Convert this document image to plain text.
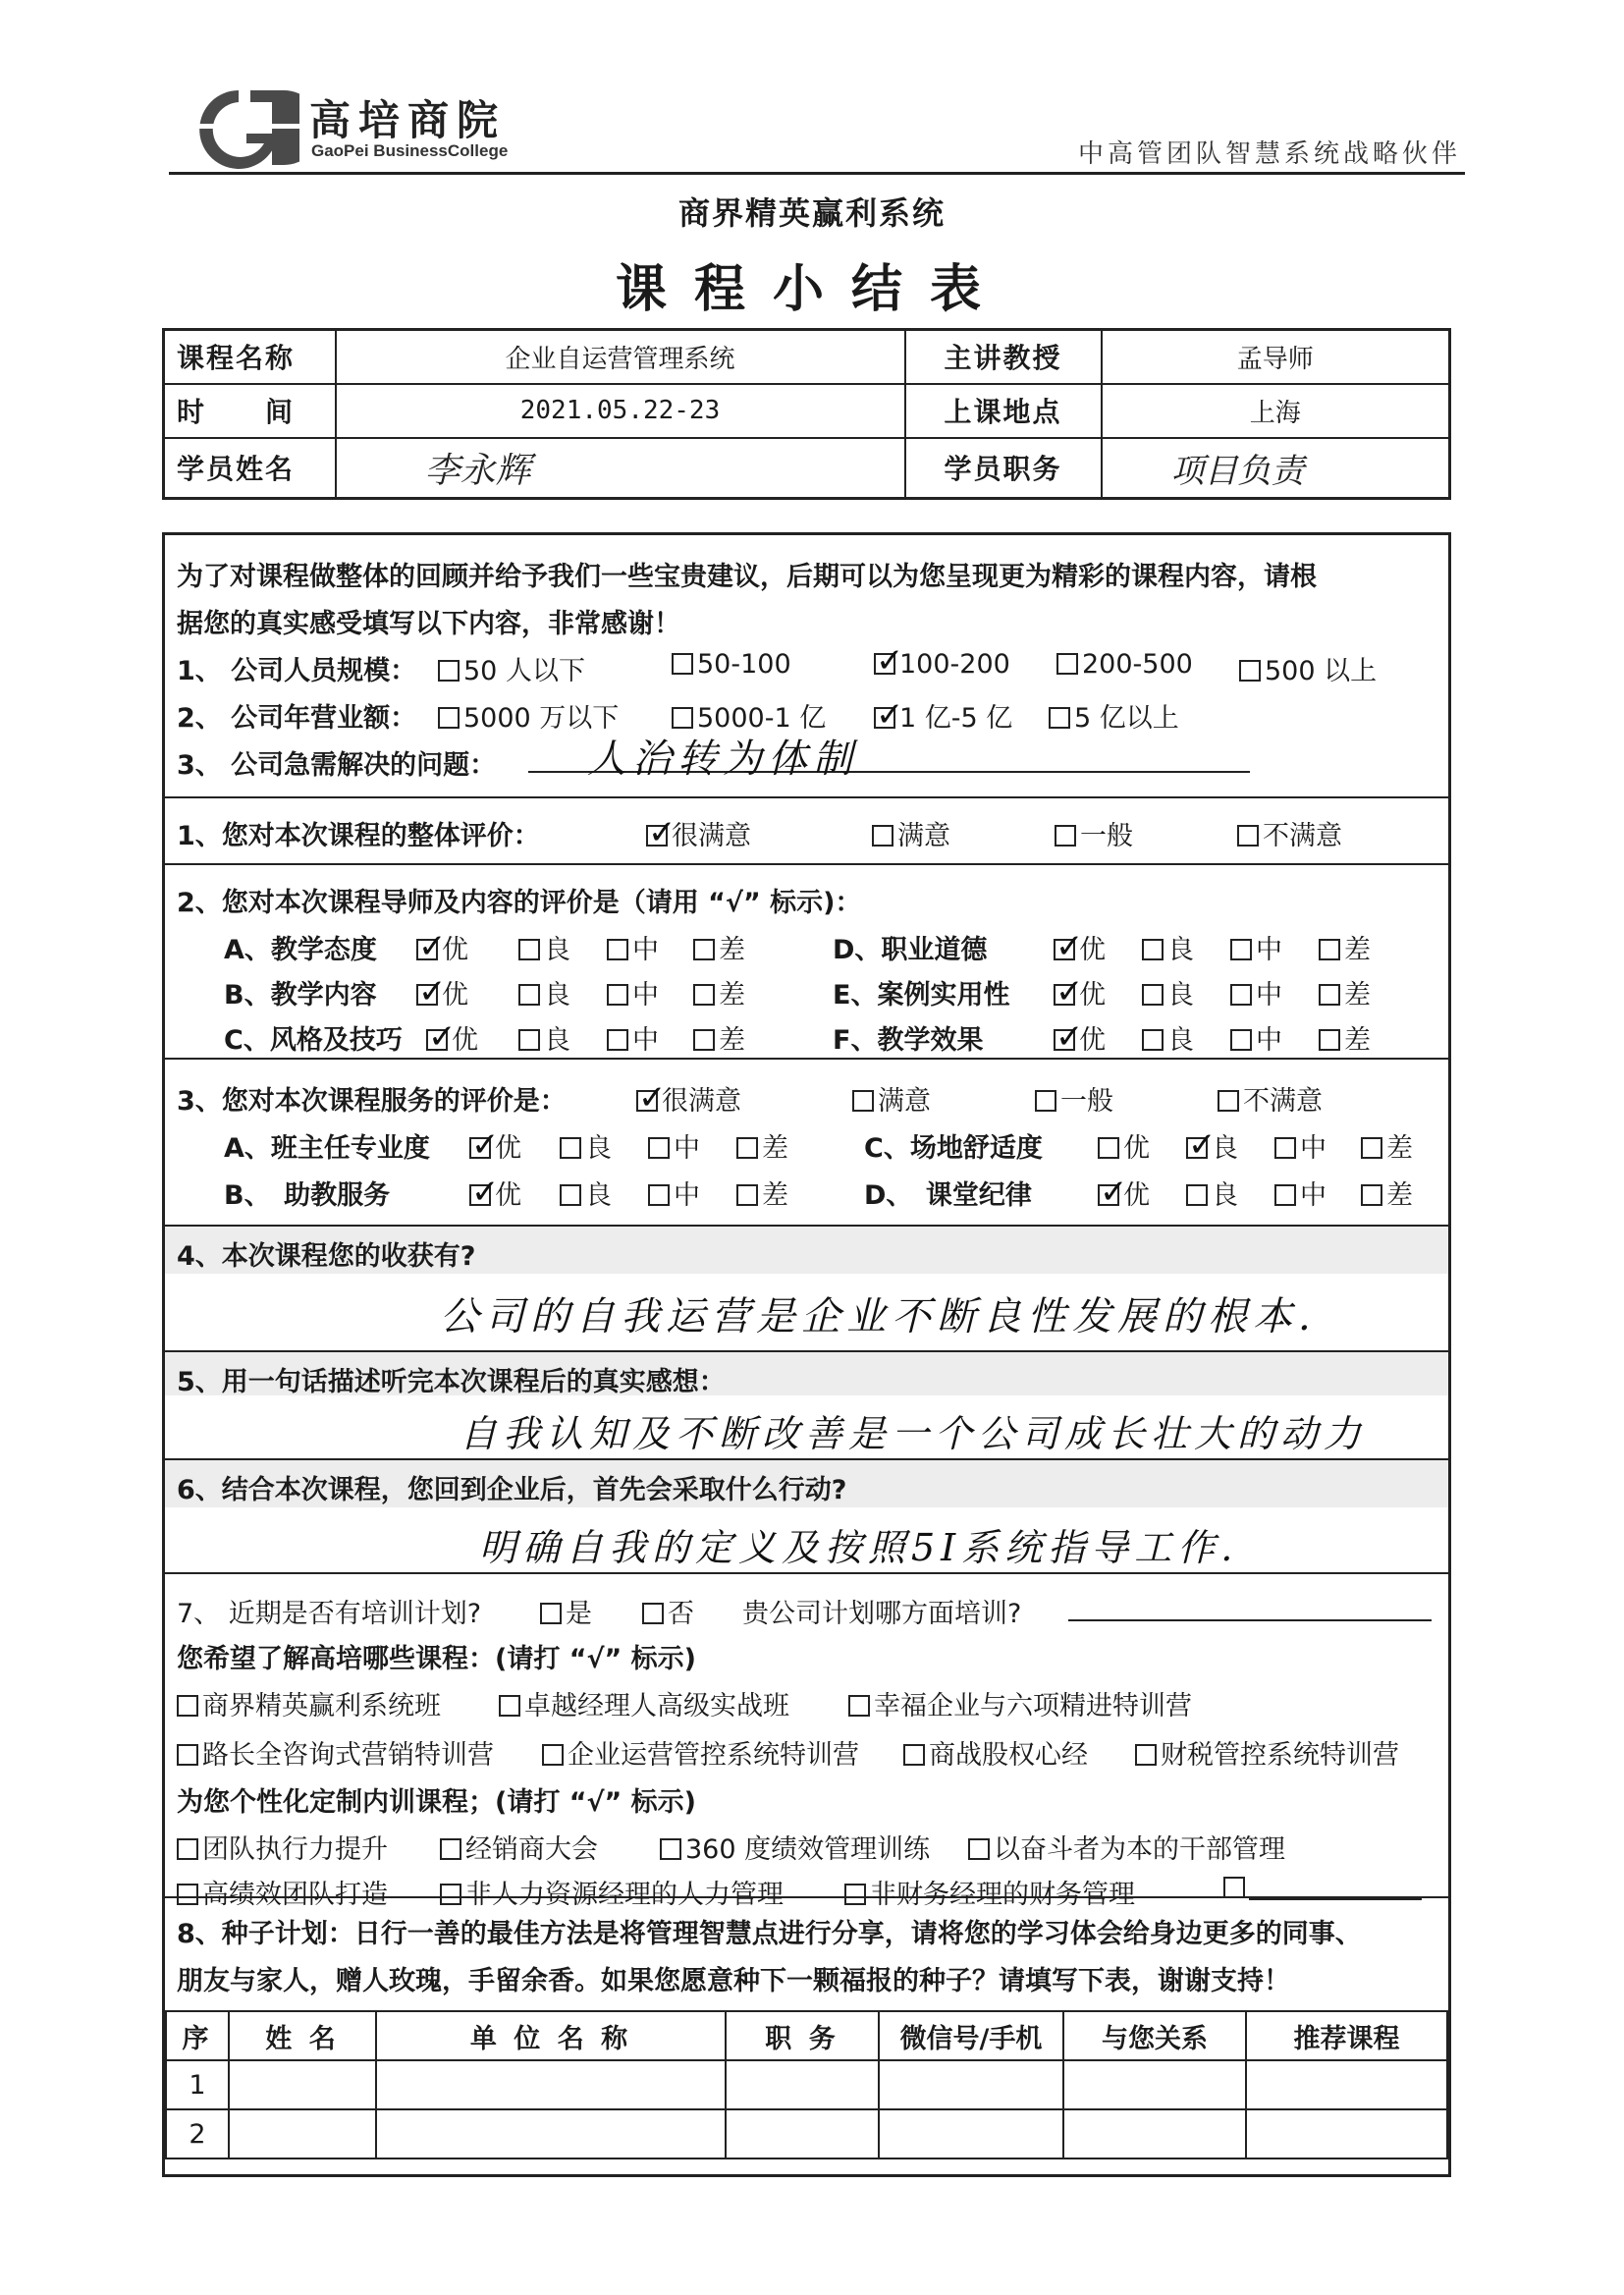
高培商院
GaoPei BusinessCollege	中高管团队智慧系统战略伙伴
商界精英赢利系统
课程小结表
课程名称	企业自运营管理系统	主讲教授	孟导师
时　　间	2021.05.22-23	上课地点	上海
学员姓名	李永辉	学员职务	项目负责
为了对课程做整体的回顾并给予我们一些宝贵建议，后期可以为您呈现更为精彩的课程内容，请根
据您的真实感受填写以下内容，非常感谢！
1、 公司人员规模：	50 人以下	50-100 ✓	100-200	200-500	500 以上
2、 公司年营业额：	5000 万以下	5000-1 亿 ✓	1 亿-5 亿	5 亿以上
3、 公司急需解决的问题： 人治转为体制
1、您对本次课程的整体评价： ✓	很满意	满意	一般	不满意
2、您对本次课程导师及内容的评价是（请用 “√” 标示)：
A、教学态度 ✓	优	良	中	差	D、职业道德 ✓	优	良	中	差
B、教学内容 ✓	优	良	中	差	E、案例实用性 ✓	优	良	中	差
C、风格及技巧 ✓	优	良	中	差	F、教学效果 ✓	优	良	中	差
3、您对本次课程服务的评价是： ✓	很满意	满意	一般	不满意
A、班主任专业度 ✓	优	良	中	差	C、场地舒适度	优 ✓	良	中	差
B、　助教服务 ✓	优	良	中	差	D、　课堂纪律 ✓	优	良	中	差
4、本次课程您的收获有?
公司的自我运营是企业不断良性发展的根本.
5、用一句话描述听完本次课程后的真实感想：
自我认知及不断改善是一个公司成长壮大的动力
6、结合本次课程，您回到企业后，首先会采取什么行动?
明确自我的定义及按照5I系统指导工作.
7、 近期是否有培训计划?	是	否 贵公司计划哪方面培训?
您希望了解高培哪些课程：(请打 “√” 标示)
商界精英赢利系统班	卓越经理人高级实战班	幸福企业与六项精进特训营
路长全咨询式营销特训营	企业运营管控系统特训营	商战股权心经	财税管控系统特训营
为您个性化定制内训课程；(请打 “√” 标示)
团队执行力提升	经销商大会	360 度绩效管理训练	以奋斗者为本的干部管理
高绩效团队打造	非人力资源经理的人力管理	非财务经理的财务管理
8、种子计划：日行一善的最佳方法是将管理智慧点进行分享，请将您的学习体会给身边更多的同事、
朋友与家人，赠人玫瑰，手留余香。如果您愿意种下一颗福报的种子？请填写下表，谢谢支持！
序	姓 名	单 位 名 称	职 务	微信号/手机	与您关系	推荐课程
1						
2						
